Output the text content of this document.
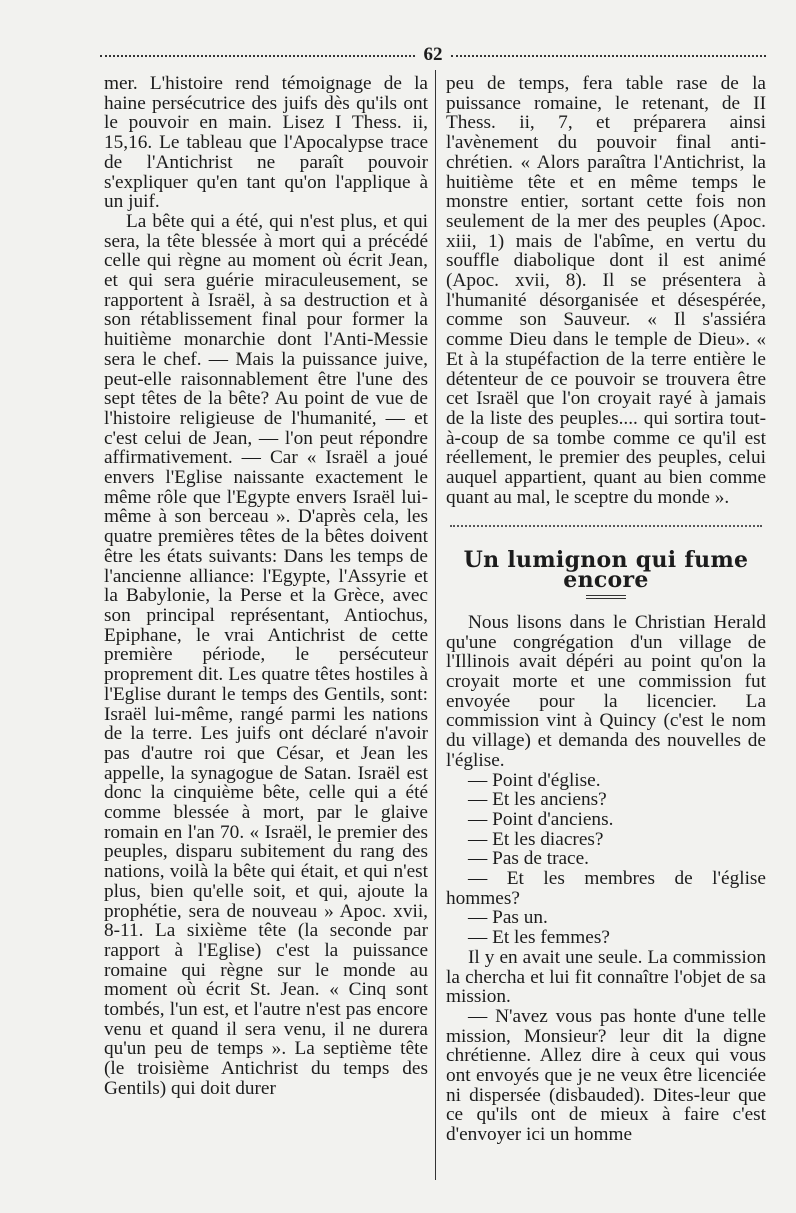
62

mer. L'histoire rend témoignage de la haine persécutrice des juifs dès qu'ils ont le pouvoir en main. Lisez I Thess. ii, 15,16. Le tableau que l'Apocalypse trace de l'Antichrist ne paraît pouvoir s'expliquer qu'en tant qu'on l'applique à un juif.

La bête qui a été, qui n'est plus, et qui sera, la tête blessée à mort qui a précédé celle qui règne au moment où écrit Jean, et qui sera guérie miraculeusement, se rapportent à Israël, à sa destruction et à son rétablissement final pour former la huitième monarchie dont l'Anti-Messie sera le chef. — Mais la puissance juive, peut-elle raisonnablement être l'une des sept têtes de la bête? Au point de vue de l'histoire religieuse de l'humanité, — et c'est celui de Jean, — l'on peut répondre affirmativement. — Car « Israël a joué envers l'Eglise naissante exactement le même rôle que l'Egypte envers Israël lui-même à son berceau ». D'après cela, les quatre premières têtes de la bêtes doivent être les états suivants: Dans les temps de l'ancienne alliance: l'Egypte, l'Assyrie et la Babylonie, la Perse et la Grèce, avec son principal représentant, Antiochus, Epiphane, le vrai Antichrist de cette première période, le persécuteur proprement dit. Les quatre têtes hostiles à l'Eglise durant le temps des Gentils, sont: Israël lui-même, rangé parmi les nations de la terre. Les juifs ont déclaré n'avoir pas d'autre roi que César, et Jean les appelle, la synagogue de Satan. Israël est donc la cinquième bête, celle qui a été comme blessée à mort, par le glaive romain en l'an 70. « Israël, le premier des peuples, disparu subitement du rang des nations, voilà la bête qui était, et qui n'est plus, bien qu'elle soit, et qui, ajoute la prophétie, sera de nouveau » Apoc. xvii, 8-11. La sixième tête (la seconde par rapport à l'Eglise) c'est la puissance romaine qui règne sur le monde au moment où écrit St. Jean. « Cinq sont tombés, l'un est, et l'autre n'est pas encore venu et quand il sera venu, il ne durera qu'un peu de temps ». La septième tête (le troisième Antichrist du temps des Gentils) qui doit durer

peu de temps, fera table rase de la puissance romaine, le retenant, de II Thess. ii, 7, et préparera ainsi l'avènement du pouvoir final anti-chrétien. « Alors paraîtra l'Antichrist, la huitième tête et en même temps le monstre entier, sortant cette fois non seulement de la mer des peuples (Apoc. xiii, 1) mais de l'abîme, en vertu du souffle diabolique dont il est animé (Apoc. xvii, 8). Il se présentera à l'humanité désorganisée et désespérée, comme son Sauveur. « Il s'assiéra comme Dieu dans le temple de Dieu». « Et à la stupéfaction de la terre entière le détenteur de ce pouvoir se trouvera être cet Israël que l'on croyait rayé à jamais de la liste des peuples.... qui sortira tout-à-coup de sa tombe comme ce qu'il est réellement, le premier des peuples, celui auquel appartient, quant au bien comme quant au mal, le sceptre du monde ».

Un lumignon qui fume encore

Nous lisons dans le Christian Herald qu'une congrégation d'un village de l'Illinois avait dépéri au point qu'on la croyait morte et une commission fut envoyée pour la licencier. La commission vint à Quincy (c'est le nom du village) et demanda des nouvelles de l'église.

— Point d'église.

— Et les anciens?

— Point d'anciens.

— Et les diacres?

— Pas de trace.

— Et les membres de l'église hommes?

— Pas un.

— Et les femmes?

Il y en avait une seule. La commission la chercha et lui fit connaître l'objet de sa mission.

— N'avez vous pas honte d'une telle mission, Monsieur? leur dit la digne chrétienne. Allez dire à ceux qui vous ont envoyés que je ne veux être licenciée ni dispersée (disbauded). Dites-leur que ce qu'ils ont de mieux à faire c'est d'envoyer ici un homme
